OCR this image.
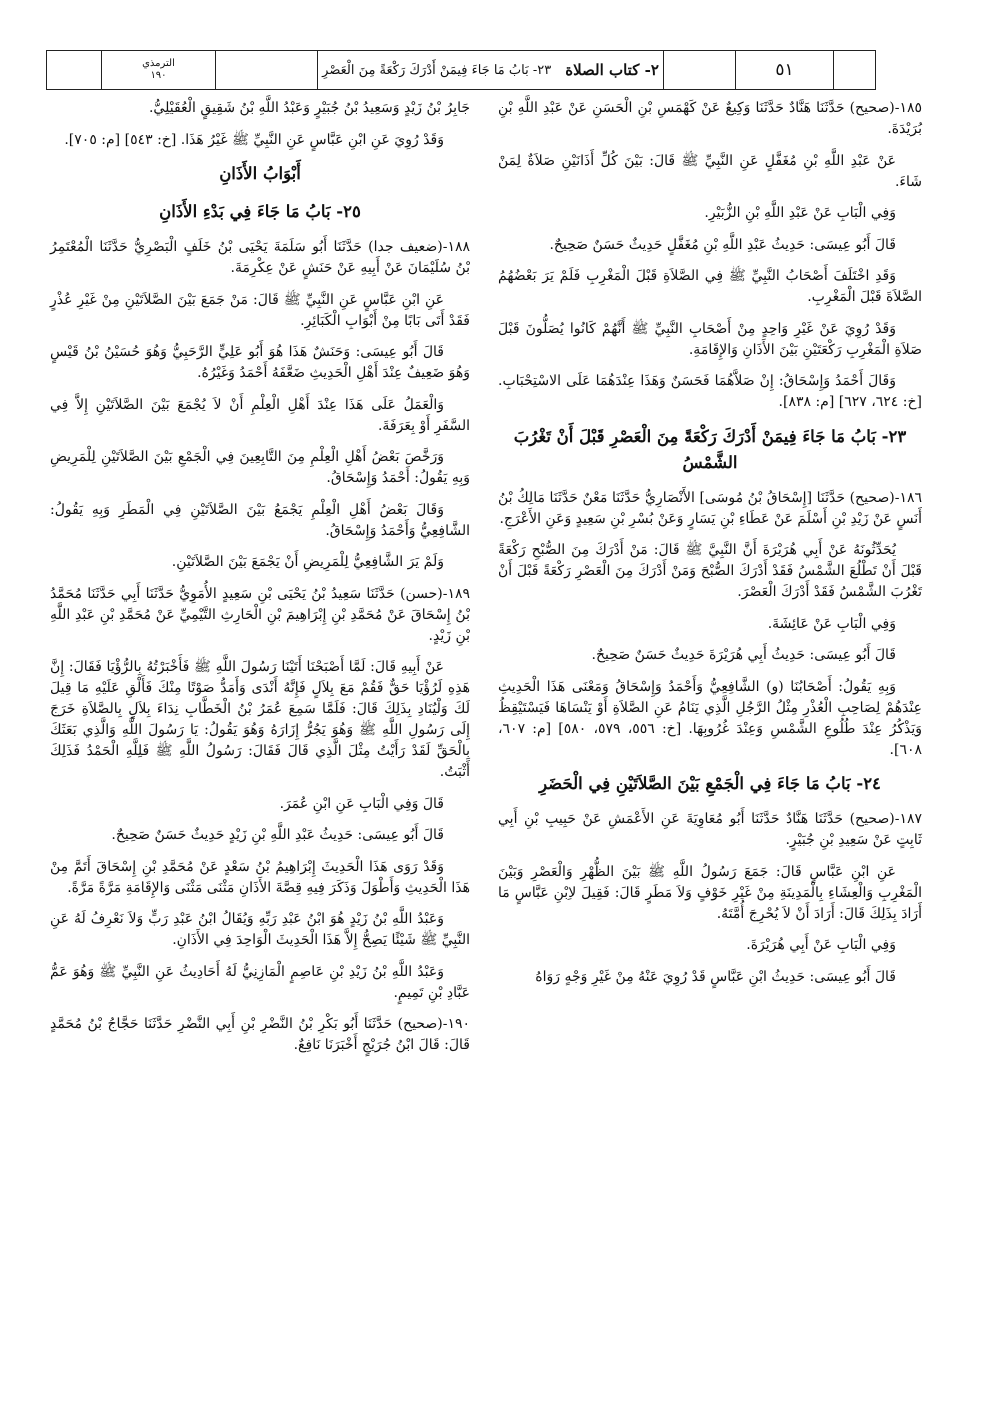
الترمذي
١٩٠	٢- كتاب الصلاة
٢٣- بَابُ مَا جَاءَ فِيمَنْ أَدْرَكَ رَكْعَةً مِنَ الْعَصْرِ	٥١
١٨٥-(صحيح) حَدَّثَنَا هَنَّادٌ حَدَّثَنَا وَكِيعٌ عَنْ كَهْمَسِ بْنِ الْحَسَنِ عَنْ عَبْدِ اللَّهِ بْنِ بُرَيْدَةَ.
عَنْ عَبْدِ اللَّهِ بْنِ مُغَفَّلٍ عَنِ النَّبِيِّ ﷺ قَالَ: بَيْنَ كُلِّ أَذَانَيْنِ صَلاَةٌ لِمَنْ شَاءَ.
وَفِي الْبَابِ عَنْ عَبْدِ اللَّهِ بْنِ الزُّبَيْرِ.
قَالَ أَبُو عِيسَى: حَدِيثُ عَبْدِ اللَّهِ بْنِ مُغَفَّلٍ حَدِيثٌ حَسَنٌ صَحِيحٌ.
وَقَدِ اخْتَلَفَ أَصْحَابُ النَّبِيِّ ﷺ فِي الصَّلاَةِ قَبْلَ الْمَغْرِبِ فَلَمْ يَرَ بَعْضُهُمُ الصَّلاَةَ قَبْلَ الْمَغْرِبِ.
وَقَدْ رُوِيَ عَنْ غَيْرِ وَاحِدٍ مِنْ أَصْحَابِ النَّبِيِّ ﷺ أَنَّهُمْ كَانُوا يُصَلُّونَ قَبْلَ صَلاَةِ الْمَغْرِبِ رَكْعَتَيْنِ بَيْنَ الأَذَانِ وَالإِقَامَةِ.
وَقَالَ أَحْمَدُ وَإِسْحَاقُ: إِنْ صَلاَّهُمَا فَحَسَنٌ وَهَذَا عِنْدَهُمَا عَلَى الاسْتِحْبَابِ. [خ: ٦٢٤، ٦٢٧] [م: ٨٣٨].
٢٣- بَابُ مَا جَاءَ فِيمَنْ أَدْرَكَ رَكْعَةً مِنَ الْعَصْرِ قَبْلَ أَنْ تَغْرُبَ الشَّمْسُ
١٨٦-(صحيح) حَدَّثَنَا [إِسْحَاقُ بْنُ مُوسَى] الأَنْصَارِيُّ حَدَّثَنَا مَعْنٌ حَدَّثَنَا مَالِكُ بْنُ أَنَسٍ عَنْ زَيْدِ بْنِ أَسْلَمَ عَنْ عَطَاءِ بْنِ يَسَارٍ وَعَنْ بُسْرِ بْنِ سَعِيدٍ وَعَنِ الأَعْرَجِ.
يُحَدِّثُونَهُ عَنْ أَبِي هُرَيْرَةَ أَنَّ النَّبِيَّ ﷺ قَالَ: مَنْ أَدْرَكَ مِنَ الصُّبْحِ رَكْعَةً قَبْلَ أَنْ تَطْلُعَ الشَّمْسُ فَقَدْ أَدْرَكَ الصُّبْحَ وَمَنْ أَدْرَكَ مِنَ الْعَصْرِ رَكْعَةً قَبْلَ أَنْ تَغْرُبَ الشَّمْسُ فَقَدْ أَدْرَكَ الْعَصْرَ.
وَفِي الْبَابِ عَنْ عَائِشَةَ.
قَالَ أَبُو عِيسَى: حَدِيثُ أَبِي هُرَيْرَةَ حَدِيثٌ حَسَنٌ صَحِيحٌ.
وَبِهِ يَقُولُ: أَصْحَابُنَا (و) الشَّافِعِيُّ وَأَحْمَدُ وَإِسْحَاقُ وَمَعْنَى هَذَا الْحَدِيثِ عِنْدَهُمْ لِصَاحِبِ الْعُذْرِ مِثْلُ الرَّجُلِ الَّذِي يَنَامُ عَنِ الصَّلاَةِ أَوْ يَنْسَاهَا فَيَسْتَيْقِظُ وَيَذْكُرُ عِنْدَ طُلُوعِ الشَّمْسِ وَعِنْدَ غُرُوبِهَا. [خ: ٥٥٦، ٥٧٩، ٥٨٠] [م: ٦٠٧، ٦٠٨].
٢٤- بَابُ مَا جَاءَ فِي الْجَمْعِ بَيْنَ الصَّلاَتَيْنِ فِي الْحَضَرِ
١٨٧-(صحيح) حَدَّثَنَا هَنَّادٌ حَدَّثَنَا أَبُو مُعَاوِيَةَ عَنِ الأَعْمَشِ عَنْ حَبِيبِ بْنِ أَبِي ثَابِتٍ عَنْ سَعِيدِ بْنِ جُبَيْرٍ.
عَنِ ابْنِ عَبَّاسٍ قَالَ: جَمَعَ رَسُولُ اللَّهِ ﷺ بَيْنَ الظُّهْرِ وَالْعَصْرِ وَبَيْنَ الْمَغْرِبِ وَالْعِشَاءِ بِالْمَدِينَةِ مِنْ غَيْرِ خَوْفٍ وَلاَ مَطَرٍ قَالَ: فَقِيلَ لاِبْنِ عَبَّاسٍ مَا أَرَادَ بِذَلِكَ قَالَ: أَرَادَ أَنْ لاَ يُحْرِجَ أُمَّتَهُ.
وَفِي الْبَابِ عَنْ أَبِي هُرَيْرَةَ.
قَالَ أَبُو عِيسَى: حَدِيثُ ابْنِ عَبَّاسٍ قَدْ رُوِيَ عَنْهُ مِنْ غَيْرِ وَجْهٍ رَوَاهُ
جَابِرُ بْنُ زَيْدٍ وَسَعِيدُ بْنُ جُبَيْرٍ وَعَبْدُ اللَّهِ بْنُ شَقِيقٍ الْعُقَيْلِيُّ.
وَقَدْ رُوِيَ عَنِ ابْنِ عَبَّاسٍ عَنِ النَّبِيِّ ﷺ غَيْرُ هَذَا. [خ: ٥٤٣] [م: ٧٠٥].
أَبْوَابُ الأَذَانِ
٢٥- بَابُ مَا جَاءَ فِي بَدْءِ الأَذَانِ
١٨٨-(ضعيف جدا) حَدَّثَنَا أَبُو سَلَمَةَ يَحْيَى بْنُ خَلَفٍ الْبَصْرِيُّ حَدَّثَنَا الْمُعْتَمِرُ بْنُ سُلَيْمَانَ عَنْ أَبِيهِ عَنْ حَنَشٍ عَنْ عِكْرِمَةَ.
عَنِ ابْنِ عَبَّاسٍ عَنِ النَّبِيِّ ﷺ قَالَ: مَنْ جَمَعَ بَيْنَ الصَّلاَتَيْنِ مِنْ غَيْرِ عُذْرٍ فَقَدْ أَتَى بَابًا مِنْ أَبْوَابِ الْكَبَائِرِ.
قَالَ أَبُو عِيسَى: وَحَنَشٌ هَذَا هُوَ أَبُو عَلِيٍّ الرَّحَبِيُّ وَهُوَ حُسَيْنُ بْنُ قَيْسٍ وَهُوَ ضَعِيفٌ عِنْدَ أَهْلِ الْحَدِيثِ ضَعَّفَهُ أَحْمَدُ وَغَيْرُهُ.
وَالْعَمَلُ عَلَى هَذَا عِنْدَ أَهْلِ الْعِلْمِ أَنْ لاَ يُجْمَعَ بَيْنَ الصَّلاَتَيْنِ إِلاَّ فِي السَّفَرِ أَوْ بِعَرَفَةَ.
وَرَخَّصَ بَعْضُ أَهْلِ الْعِلْمِ مِنَ التَّابِعِينَ فِي الْجَمْعِ بَيْنَ الصَّلاَتَيْنِ لِلْمَرِيضِ وَبِهِ يَقُولُ: أَحْمَدُ وَإِسْحَاقُ.
وَقَالَ بَعْضُ أَهْلِ الْعِلْمِ يَجْمَعُ بَيْنَ الصَّلاَتَيْنِ فِي الْمَطَرِ وَبِهِ يَقُولُ: الشَّافِعِيُّ وَأَحْمَدُ وَإِسْحَاقُ.
وَلَمْ يَرَ الشَّافِعِيُّ لِلْمَرِيضِ أَنْ يَجْمَعَ بَيْنَ الصَّلاَتَيْنِ.
١٨٩-(حسن) حَدَّثَنَا سَعِيدُ بْنُ يَحْيَى بْنِ سَعِيدٍ الأُمَوِيُّ حَدَّثَنَا أَبِي حَدَّثَنَا مُحَمَّدُ بْنُ إِسْحَاقَ عَنْ مُحَمَّدِ بْنِ إِبْرَاهِيمَ بْنِ الْحَارِثِ التَّيْمِيِّ عَنْ مُحَمَّدِ بْنِ عَبْدِ اللَّهِ بْنِ زَيْدٍ.
عَنْ أَبِيهِ قَالَ: لَمَّا أَصْبَحْنَا أَتَيْنَا رَسُولَ اللَّهِ ﷺ فَأَخْبَرْتُهُ بِالرُّؤْيَا فَقَالَ: إِنَّ هَذِهِ لَرُؤْيَا حَقٌّ فَقُمْ مَعَ بِلاَلٍ فَإِنَّهُ أَنْدَى وَأَمَدُّ صَوْتًا مِنْكَ فَأَلْقِ عَلَيْهِ مَا قِيلَ لَكَ وَلْيُنَادِ بِذَلِكَ قَالَ: فَلَمَّا سَمِعَ عُمَرُ بْنُ الْخَطَّابِ نِدَاءَ بِلاَلٍ بِالصَّلاَةِ خَرَجَ إِلَى رَسُولِ اللَّهِ ﷺ وَهُوَ يَجُرُّ إِزَارَهُ وَهُوَ يَقُولُ: يَا رَسُولَ اللَّهِ وَالَّذِي بَعَثَكَ بِالْحَقِّ لَقَدْ رَأَيْتُ مِثْلَ الَّذِي قَالَ فَقَالَ: رَسُولُ اللَّهِ ﷺ فَلِلَّهِ الْحَمْدُ فَذَلِكَ أَثْبَتُ.
قَالَ وَفِي الْبَابِ عَنِ ابْنِ عُمَرَ.
قَالَ أَبُو عِيسَى: حَدِيثُ عَبْدِ اللَّهِ بْنِ زَيْدٍ حَدِيثٌ حَسَنٌ صَحِيحٌ.
وَقَدْ رَوَى هَذَا الْحَدِيثَ إِبْرَاهِيمُ بْنُ سَعْدٍ عَنْ مُحَمَّدِ بْنِ إِسْحَاقَ أَتَمَّ مِنْ هَذَا الْحَدِيثِ وَأَطْوَلَ وَذَكَرَ فِيهِ قِصَّةَ الأَذَانِ مَثْنَى مَثْنَى وَالإِقَامَةِ مَرَّةً مَرَّةً.
وَعَبْدُ اللَّهِ بْنُ زَيْدٍ هُوَ ابْنُ عَبْدِ رَبِّهِ وَيُقَالُ ابْنُ عَبْدِ رَبٍّ وَلاَ نَعْرِفُ لَهُ عَنِ النَّبِيِّ ﷺ شَيْئًا يَصِحُّ إِلاَّ هَذَا الْحَدِيثَ الْوَاحِدَ فِي الأَذَانِ.
وَعَبْدُ اللَّهِ بْنُ زَيْدِ بْنِ عَاصِمٍ الْمَازِنِيُّ لَهُ أَحَادِيثُ عَنِ النَّبِيِّ ﷺ وَهُوَ عَمُّ عَبَّادِ بْنِ تَمِيمٍ.
١٩٠-(صحيح) حَدَّثَنَا أَبُو بَكْرِ بْنُ النَّضْرِ بْنِ أَبِي النَّضْرِ حَدَّثَنَا حَجَّاجُ بْنُ مُحَمَّدٍ قَالَ: قَالَ ابْنُ جُرَيْجٍ أَخْبَرَنَا نَافِعٌ.
